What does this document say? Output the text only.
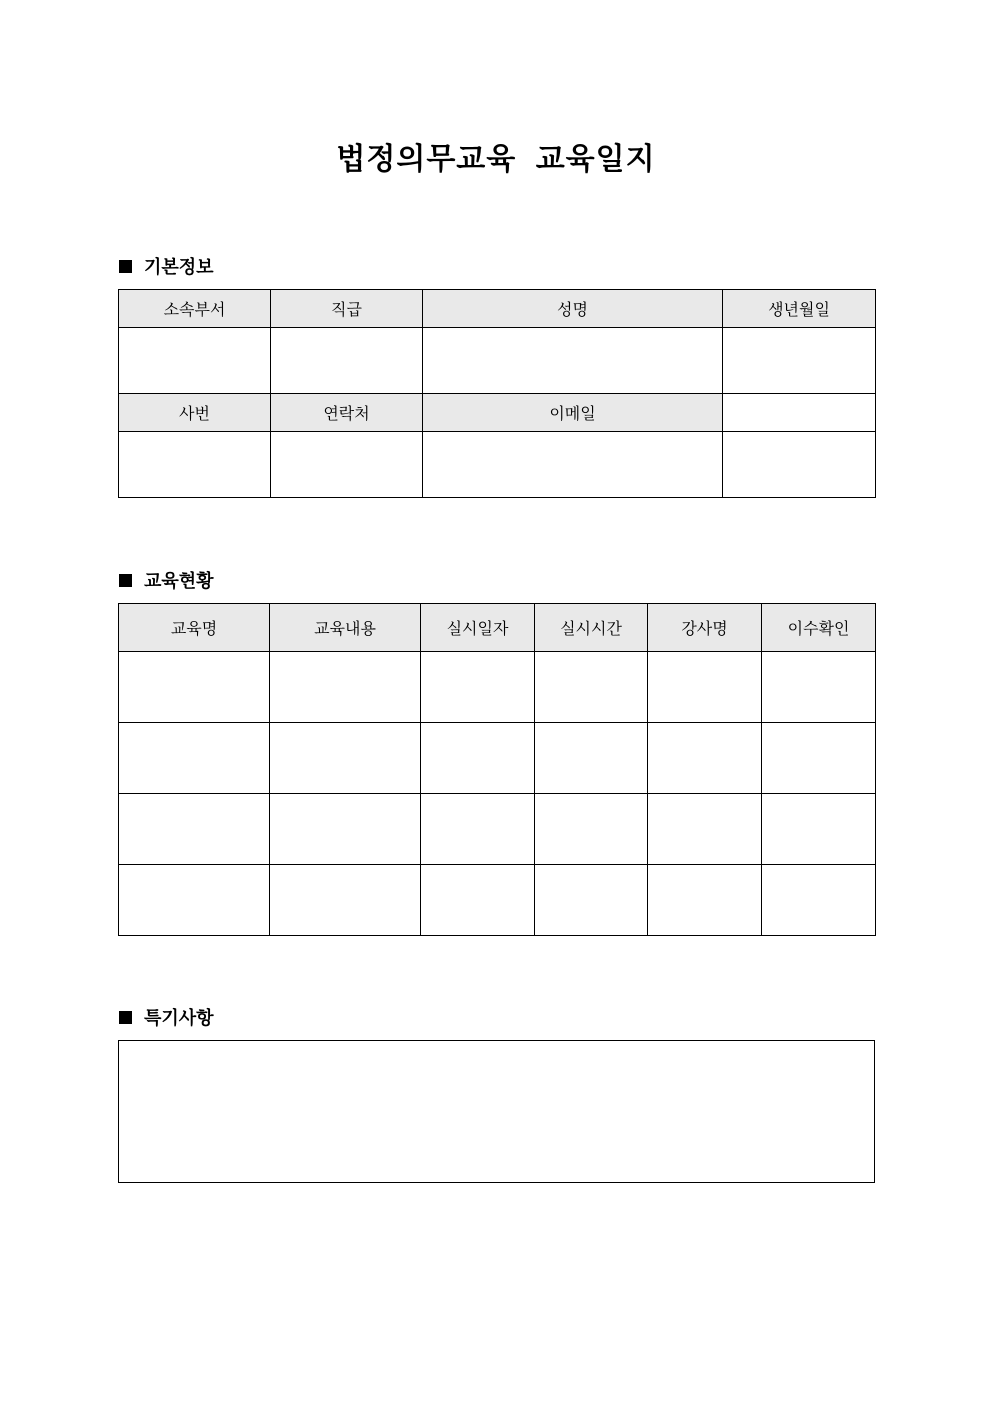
법정의무교육 교육일지
기본정보
소속부서	직급	성명	생년월일

사번	연락처	이메일	

교육현황
교육명	교육내용	실시일자	실시시간	강사명	이수확인

특기사항
